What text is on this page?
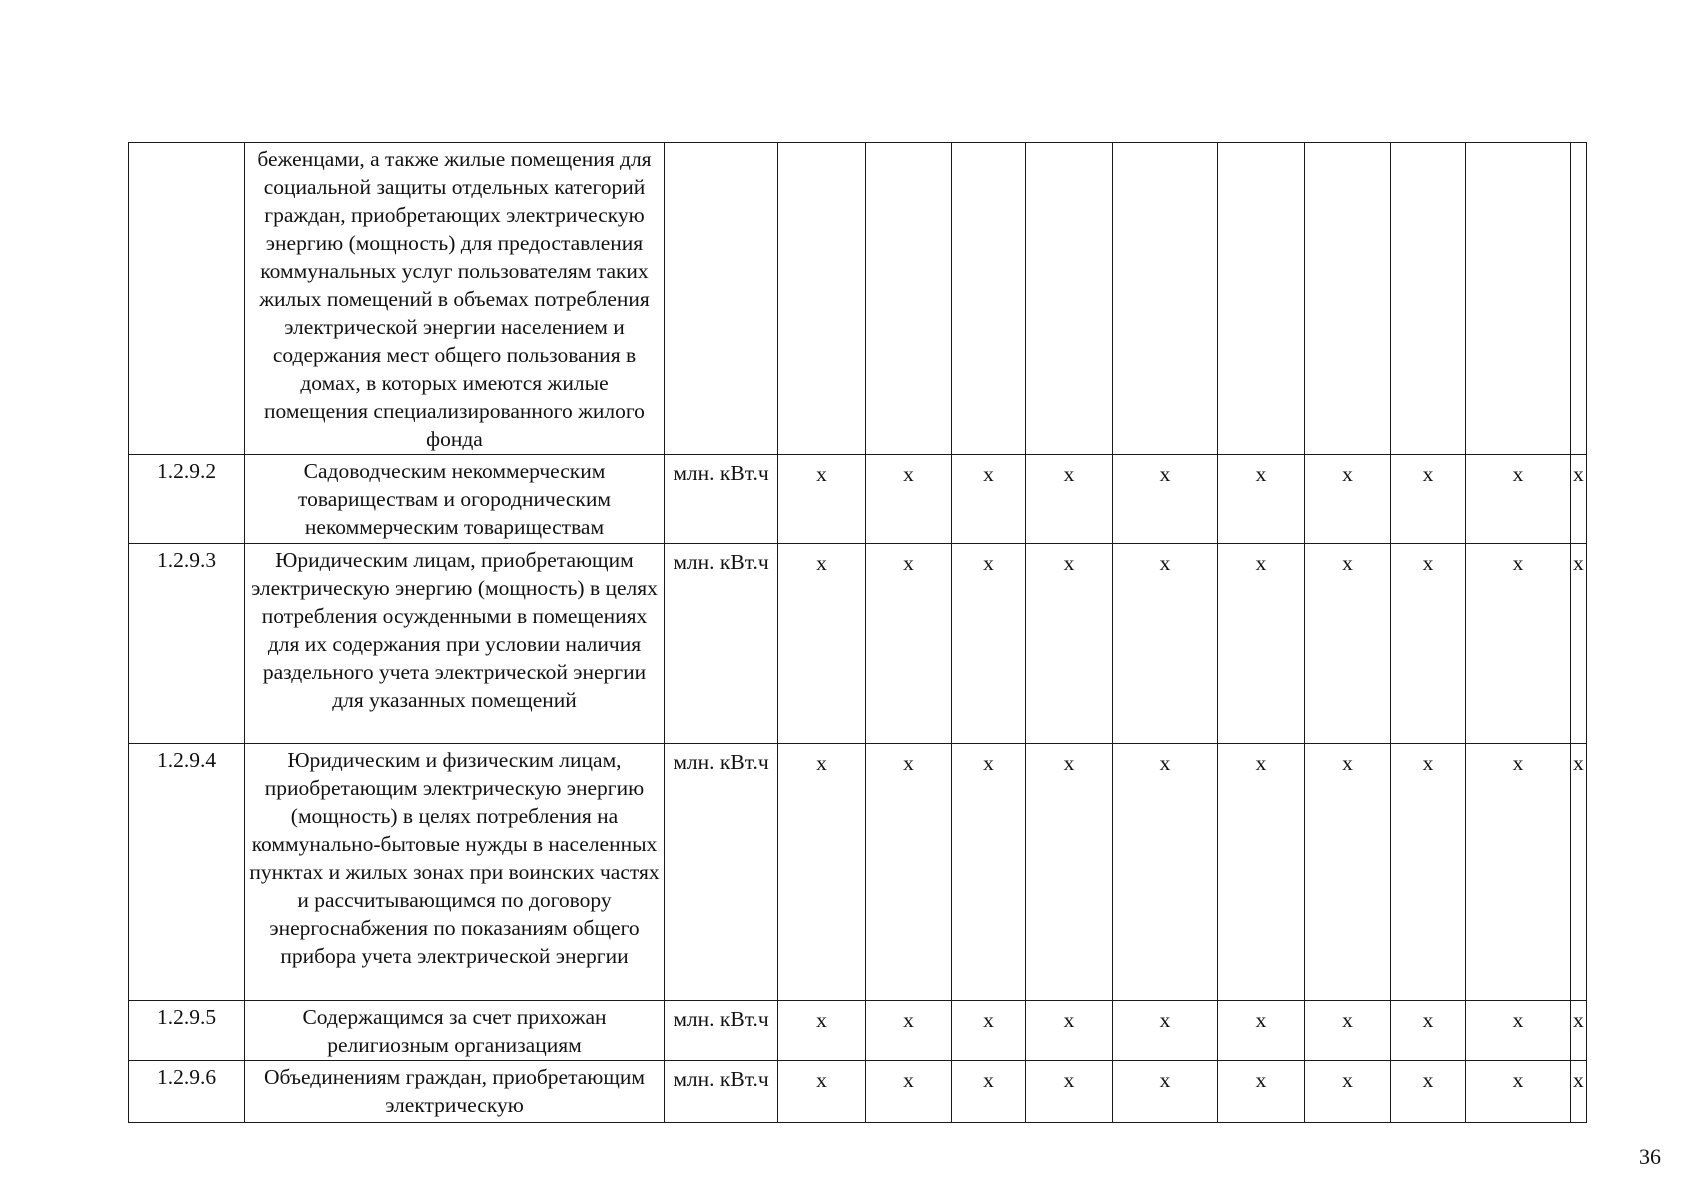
	беженцами, а также жилые помещения для социальной защиты отдельных категорий граждан, приобретающих электрическую энергию (мощность) для предоставления коммунальных услуг пользователям таких жилых помещений в объемах потребления электрической энергии населением и содержания мест общего пользования в домах, в которых имеются жилые помещения специализированного жилого фонда											
1.2.9.2	Садоводческим некоммерческим товариществам и огородническим некоммерческим товариществам	млн. кВт.ч	х	х	х	х	х	х	х	х	х	х
1.2.9.3	Юридическим лицам, приобретающим электрическую энергию (мощность) в целях потребления осужденными в помещениях для их содержания при условии наличия раздельного учета электрической энергии для указанных помещений	млн. кВт.ч	х	х	х	х	х	х	х	х	х	х
1.2.9.4	Юридическим и физическим лицам, приобретающим электрическую энергию (мощность) в целях потребления на коммунально-бытовые нужды в населенных пунктах и жилых зонах при воинских частях и рассчитывающимся по договору энергоснабжения по показаниям общего прибора учета электрической энергии	млн. кВт.ч	х	х	х	х	х	х	х	х	х	х
1.2.9.5	Содержащимся за счет прихожан религиозным организациям	млн. кВт.ч	х	х	х	х	х	х	х	х	х	х
1.2.9.6	Объединениям граждан, приобретающим электрическую	млн. кВт.ч	х	х	х	х	х	х	х	х	х	х
36
